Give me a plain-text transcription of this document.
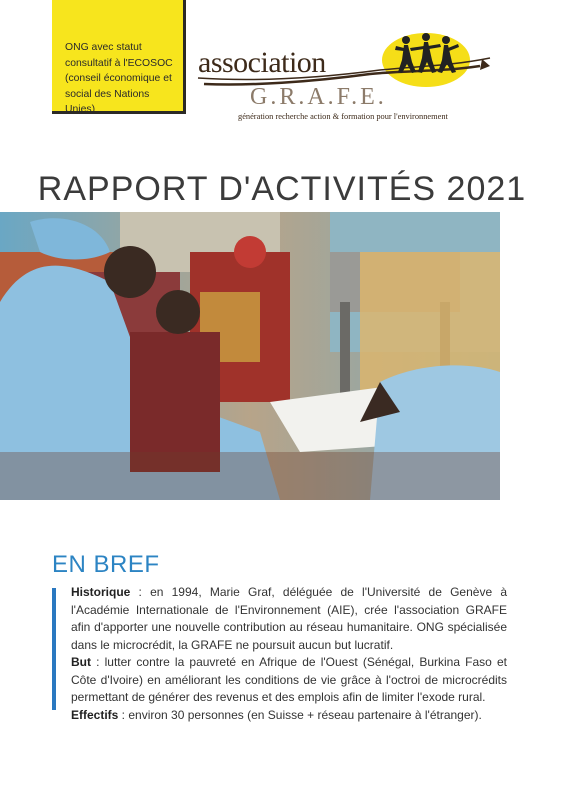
ONG avec statut
consultatif à l'ECOSOC
(conseil économique et
social des Nations Unies)

association

G.R.A.F.E.

génération recherche action & formation pour l'environnement

RAPPORT D'ACTIVITÉS 2021
EN BREF

Historique : en 1994, Marie Graf, déléguée de l'Université de Genève à l'Académie Internationale de l'Environnement (AIE), crée l'association GRAFE afin d'apporter une nouvelle contribution au réseau humanitaire. ONG spécialisée dans le microcrédit, la GRAFE ne poursuit aucun but lucratif.
But : lutter contre la pauvreté en Afrique de l'Ouest (Sénégal, Burkina Faso et Côte d'Ivoire) en améliorant les conditions de vie grâce à l'octroi de microcrédits permettant de générer des revenus et des emplois afin de limiter l'exode rural.
Effectifs : environ 30 personnes (en Suisse + réseau partenaire à l'étranger).
